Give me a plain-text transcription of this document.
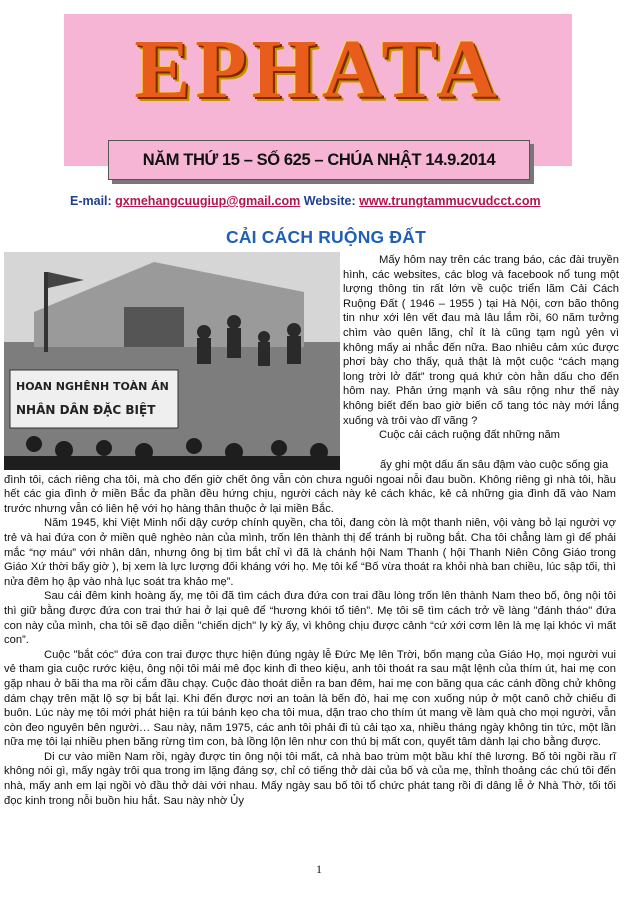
EPHATA
NĂM THỨ 15 – SỐ 625 – CHÚA NHẬT 14.9.2014
E-mail: gxmehangcuugiup@gmail.com Website: www.trungtammucvudcct.com
CẢI CÁCH RUỘNG ĐẤT
HOAN NGHÊNH TOÀN ÁN
NHÂN DÂN ĐẶC BIỆT

Mấy hôm nay trên các trang báo, các đài truyền hình, các websites, các blog và facebook nổ tung một lượng thông tin rất lớn về cuộc triển lãm Cải Cách Ruộng Đất ( 1946 – 1955 ) tại Hà Nội, cơn bão thông tin như xới lên vết đau mà lâu lắm rồi, 60 năm tưởng chìm vào quên lãng, chỉ ít là cũng tạm ngủ yên vì không mấy ai nhắc đến nữa. Bao nhiêu cảm xúc được phơi bày cho thấy, quả thật là một cuộc “cách mạng long trời lở đất” trong quá khứ còn hằn dấu cho đến hôm nay. Phản ứng mạnh và sâu rộng như thế này không biết đến bao giờ biến cố tang tóc này mới lắng xuống và trôi vào dĩ vãng ?

Cuộc cải cách ruộng đất những năm

ấy ghi một dấu ấn sâu đậm vào cuộc sống gia

đình tôi, cách riêng cha tôi, mà cho đến giờ chết ông vẫn còn chưa nguôi ngoai nỗi đau buồn. Không riêng gì nhà tôi, hầu hết các gia đình ở miền Bắc đa phần đều hứng chịu, người cách này kẻ cách khác, kẻ cả những gia đình đã vào Nam trước nhưng vẫn có liên hệ với họ hàng thân thuộc ở lại miền Bắc.

Năm 1945, khi Việt Minh nổi dậy cướp chính quyền, cha tôi, đang còn là một thanh niên, vội vàng bỏ lại người vợ trẻ và hai đứa con ở miền quê nghèo nàn của mình, trốn lên thành thị để tránh bị ruồng bắt. Cha tôi chẳng làm gì để phải mắc “nợ máu” với nhân dân, nhưng ông bị tìm bắt chỉ vì đã là chánh hội Nam Thanh ( hội Thanh Niên Công Giáo trong Giáo Xứ thời bấy giờ ), bị xem là lực lượng đối kháng với họ. Mẹ tôi kể “Bố vừa thoát ra khỏi nhà ban chiều, lúc sập tối, thì nửa đêm họ ập vào nhà lục soát tra khảo mẹ”.

Sau cái đêm kinh hoàng ấy, mẹ tôi đã tìm cách đưa đứa con trai đầu lòng trốn lên thành Nam theo bố, ông nội tôi thì giữ bằng được đứa con trai thứ hai ở lại quê để “hương khói tổ tiên”. Mẹ tôi sẽ tìm cách trở về làng "đánh tháo" đứa con này của mình, cha tôi sẽ đạo diễn "chiến dịch" ly kỳ ấy, vì không chịu được cảnh “cứ xới cơm lên là mẹ lại khóc vì mất con”.

Cuộc "bắt cóc" đứa con trai được thực hiện đúng ngày lễ Đức Mẹ lên Trời, bốn mạng của Giáo Họ, mọi người vui vẻ tham gia cuộc rước kiệu, ông nội tôi mải mê đọc kinh đi theo kiệu, anh tôi thoát ra sau mật lệnh của thím út, hai mẹ con gặp nhau ở bãi tha ma rồi cắm đầu chạy. Cuộc đào thoát diễn ra ban đêm, hai mẹ con băng qua các cánh đồng chử không dám chạy trên mặt lộ sợ bị bắt lại. Khi đến được nơi an toàn là bến đò, hai mẹ con xuống núp ở một canô chở chiếu đi buôn. Lúc này mẹ tôi mới phát hiện ra túi bánh kẹo cha tôi mua, dặn trao cho thím út mang về làm quà cho mọi người, vẫn còn đeo nguyên bên người… Sau này, năm 1975, các anh tôi phải đi tù cải tạo xa, nhiều tháng ngày không tin tức, một lần nữa mẹ tôi lại nhiều phen băng rừng tìm con, bà lồng lộn lên như con thú bị mất con, quyết tâm dành lại cho bằng được.

Di cư vào miền Nam rồi, ngày được tin ông nội tôi mất, cả nhà bao trùm một bầu khí thê lương. Bố tôi ngồi rầu rĩ không nói gì, mấy ngày trôi qua trong im lặng đáng sợ, chỉ có tiếng thở dài của bố và của mẹ, thỉnh thoảng các chú tôi đến nhà, mấy anh em lại ngồi vò đầu thở dài với nhau. Mấy ngày sau bố tôi tổ chức phát tang rồi đi dâng lễ ở Nhà Thờ, tối tối đọc kinh trong nỗi buồn hiu hắt. Sau này nhờ Ủy

1
